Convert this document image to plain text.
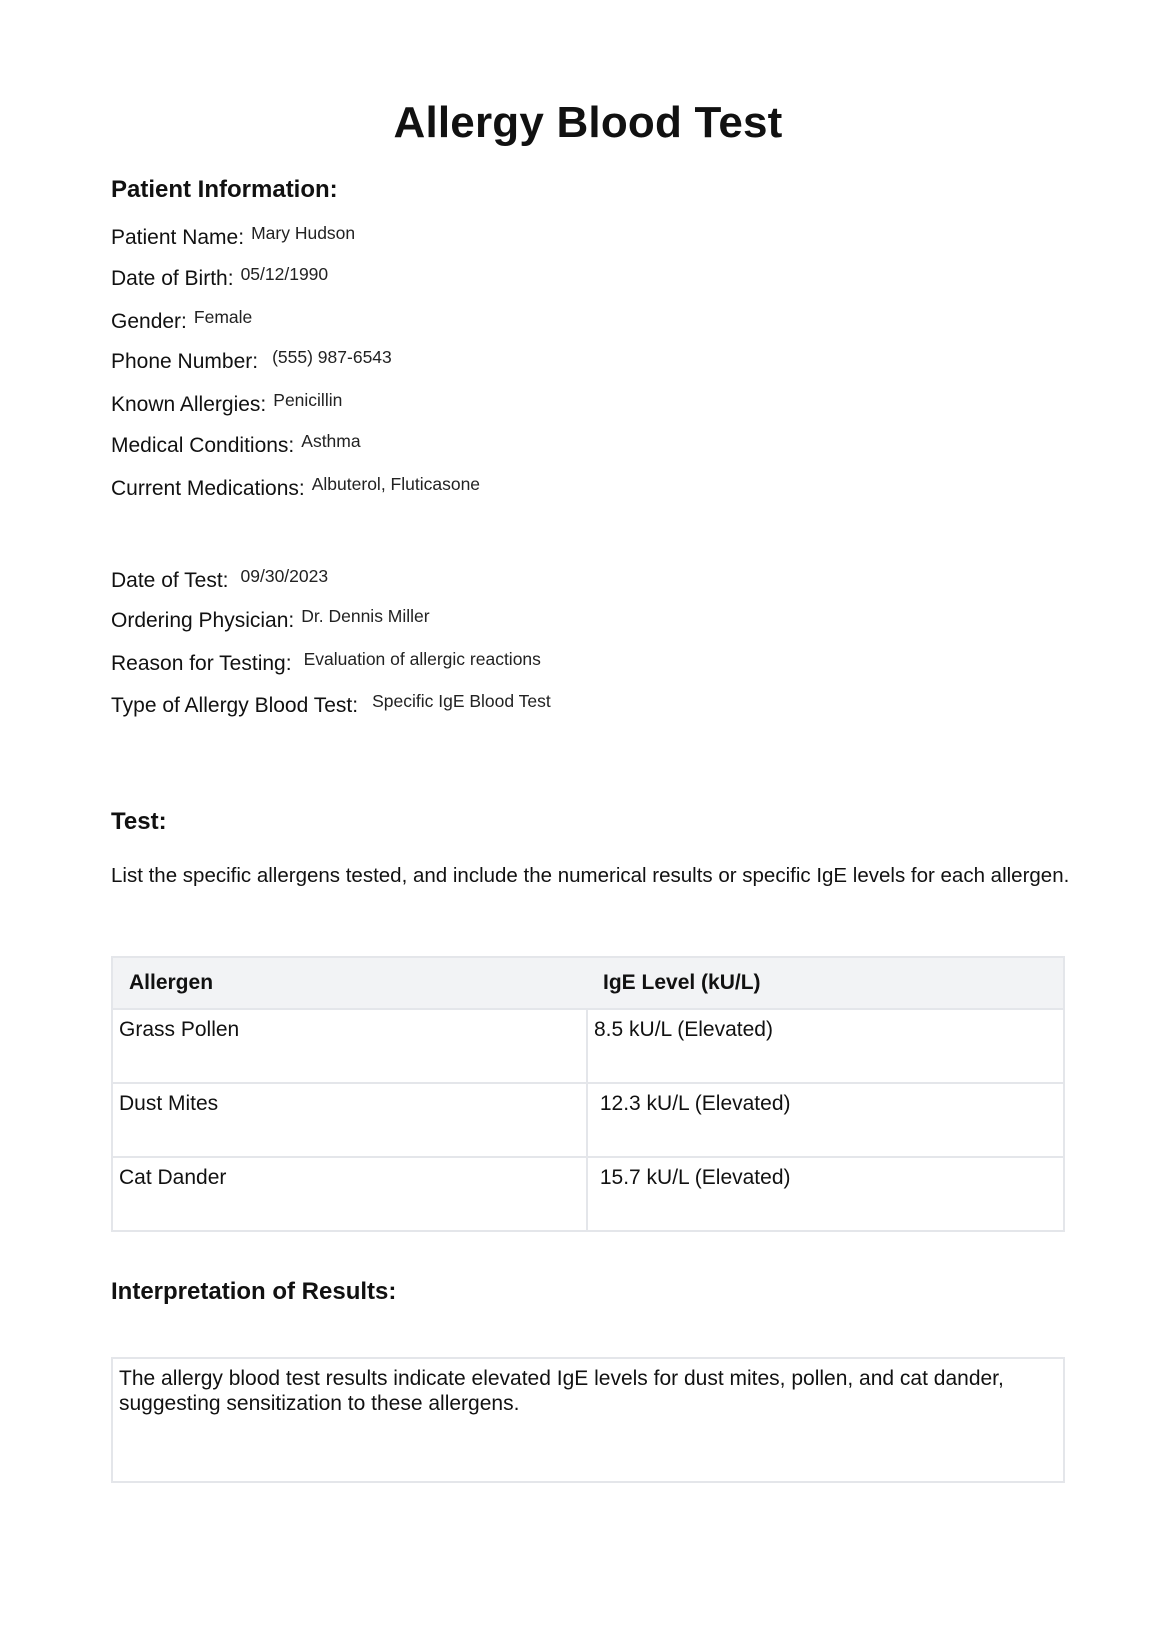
Allergy Blood Test
Patient Information:
Patient Name: Mary Hudson
Date of Birth: 05/12/1990
Gender: Female
Phone Number: (555) 987-6543
Known Allergies: Penicillin
Medical Conditions: Asthma
Current Medications: Albuterol, Fluticasone
Date of Test: 09/30/2023
Ordering Physician: Dr. Dennis Miller
Reason for Testing: Evaluation of allergic reactions
Type of Allergy Blood Test: Specific IgE Blood Test
Test:
List the specific allergens tested, and include the numerical results or specific IgE levels for each allergen.
Allergen	IgE Level (kU/L)
Grass Pollen	8.5 kU/L (Elevated)
Dust Mites	12.3 kU/L (Elevated)
Cat Dander	15.7 kU/L (Elevated)
Interpretation of Results:
The allergy blood test results indicate elevated IgE levels for dust mites, pollen, and cat dander, suggesting sensitization to these allergens.
